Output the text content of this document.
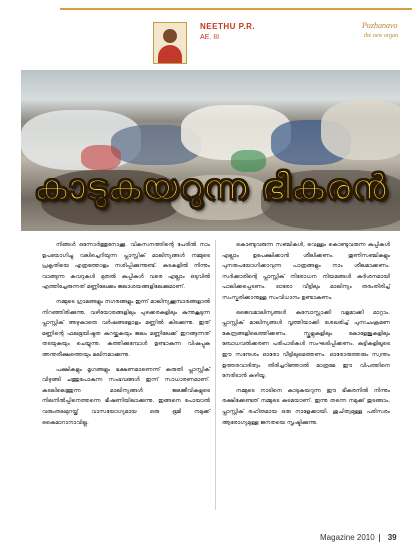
NEETHU P.R.
AE. III
Puzhanavo
the new organ
കാടുകയറുന്ന ഭീകരൻ

നിങ്ങൾ ഒന്നോർത്തുനോക്കൂ. വികസനത്തിന്റെ പേരിൽ നാം ഉപയോഗിച്ചു വലിച്ചെറിയുന്ന പ്ലാസ്റ്റിക് മാലിന്യങ്ങൾ നമ്മുടെ പ്രകൃതിയെ എത്രത്തോളം നശിപ്പിക്കുന്നുണ്ട്. കടകളിൽ നിന്നും വാങ്ങുന്ന കവറുകൾ മുതൽ കുപ്പികൾ വരെ എല്ലാം ഒടുവിൽ എത്തിച്ചേരുന്നത് മണ്ണിലേക്കും ജലാശയങ്ങളിലേക്കുമാണ്.

നമ്മുടെ ഗ്രാമങ്ങളും നഗരങ്ങളും ഇന്ന് മാലിന്യക്കൂമ്പാരങ്ങളാൽ നിറഞ്ഞിരിക്കുന്നു. വഴിയോരങ്ങളിലും പുഴക്കരകളിലും കുന്നുകൂടുന്ന പ്ലാസ്റ്റിക് അഴുകാതെ വർഷങ്ങളോളം മണ്ണിൽ കിടക്കുന്നു. ഇത് മണ്ണിന്റെ ഫലഭൂയിഷ്ഠത കുറയ്ക്കുകയും ജലം മണ്ണിലേക്ക് ഇറങ്ങുന്നത് തടയുകയും ചെയ്യുന്നു. കത്തിക്കുമ്പോൾ ഉണ്ടാകുന്ന വിഷപ്പുക അന്തരീക്ഷത്തെയും മലിനമാക്കുന്നു.

പക്ഷികളും മൃഗങ്ങളും ഭക്ഷണമാണെന്ന് കരുതി പ്ലാസ്റ്റിക് വിഴുങ്ങി ചത്തുപോകുന്ന സംഭവങ്ങൾ ഇന്ന് സാധാരണമാണ്. കടലിലെത്തുന്ന മാലിന്യങ്ങൾ ജലജീവികളുടെ നിലനിൽപ്പിനെത്തന്നെ ഭീഷണിയിലാക്കുന്നു. ഇങ്ങനെ പോയാൽ വരുംതലമുറയ്ക്ക് വാസയോഗ്യമായ ഒരു ഭൂമി നമുക്ക് കൈമാറാനാവില്ല.

കൊണ്ടുവരുന്ന സഞ്ചികൾ, വെള്ളം കൊണ്ടുവരുന്ന കുപ്പികൾ എല്ലാം ഉപേക്ഷിക്കാൻ ശീലിക്കണം. തുണിസഞ്ചികളും പുനരുപയോഗിക്കാവുന്ന പാത്രങ്ങളും നാം ശീലമാക്കണം. സർക്കാരിന്റെ പ്ലാസ്റ്റിക് നിരോധന നിയമങ്ങൾ കർശനമായി പാലിക്കപ്പെടണം. ഓരോ വീട്ടിലും മാലിന്യം തരംതിരിച്ച് സംസ്കരിക്കാനുള്ള സംവിധാനം ഉണ്ടാകണം.

ജൈവമാലിന്യങ്ങൾ കമ്പോസ്റ്റാക്കി വളമാക്കി മാറ്റാം. പ്ലാസ്റ്റിക് മാലിന്യങ്ങൾ വൃത്തിയാക്കി ശേഖരിച്ച് പുനഃചംക്രമണ കേന്ദ്രങ്ങളിലെത്തിക്കണം. സ്കൂളുകളിലും കോളേജുകളിലും ബോധവൽക്കരണ പരിപാടികൾ സംഘടിപ്പിക്കണം. കുട്ടികളിലൂടെ ഈ സന്ദേശം ഓരോ വീട്ടിലുമെത്തണം. ഓരോരുത്തരും സ്വന്തം ഉത്തരവാദിത്വം തിരിച്ചറിഞ്ഞാൽ മാത്രമേ ഈ വിപത്തിനെ നേരിടാൻ കഴിയൂ.

നമ്മുടെ നാടിനെ കാടുകയറുന്ന ഈ ഭീകരനിൽ നിന്നും രക്ഷിക്കേണ്ടത് നമ്മുടെ കടമയാണ്. ഇന്നു തന്നെ നമുക്ക് തുടങ്ങാം, പ്ലാസ്റ്റിക് രഹിതമായ ഒരു നാളേക്കായി. ശുചിത്വമുള്ള പരിസരം ആരോഗ്യമുള്ള ജനതയെ സൃഷ്ടിക്കുന്നു.

Magazine 2010 39
